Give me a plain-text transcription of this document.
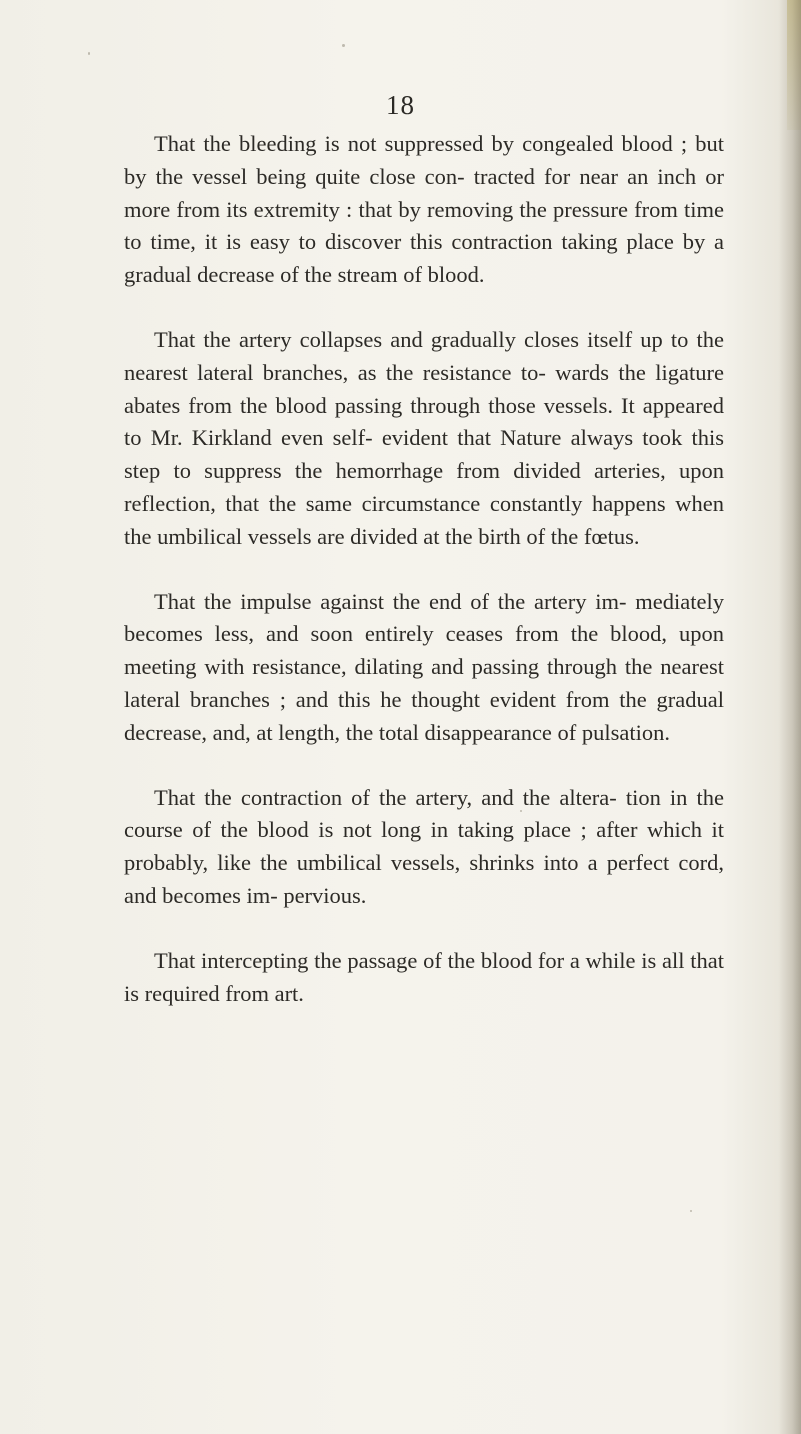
18

That the bleeding is not suppressed by congealed blood ; but by the vessel being quite close con- tracted for near an inch or more from its extremity : that by removing the pressure from time to time, it is easy to discover this contraction taking place by a gradual decrease of the stream of blood.

That the artery collapses and gradually closes itself up to the nearest lateral branches, as the resistance to- wards the ligature abates from the blood passing through those vessels. It appeared to Mr. Kirkland even self- evident that Nature always took this step to suppress the hemorrhage from divided arteries, upon reflection, that the same circumstance constantly happens when the umbilical vessels are divided at the birth of the fœtus.

That the impulse against the end of the artery im- mediately becomes less, and soon entirely ceases from the blood, upon meeting with resistance, dilating and passing through the nearest lateral branches ; and this he thought evident from the gradual decrease, and, at length, the total disappearance of pulsation.

That the contraction of the artery, and the altera- tion in the course of the blood is not long in taking place ; after which it probably, like the umbilical vessels, shrinks into a perfect cord, and becomes im- pervious.

That intercepting the passage of the blood for a while is all that is required from art.
